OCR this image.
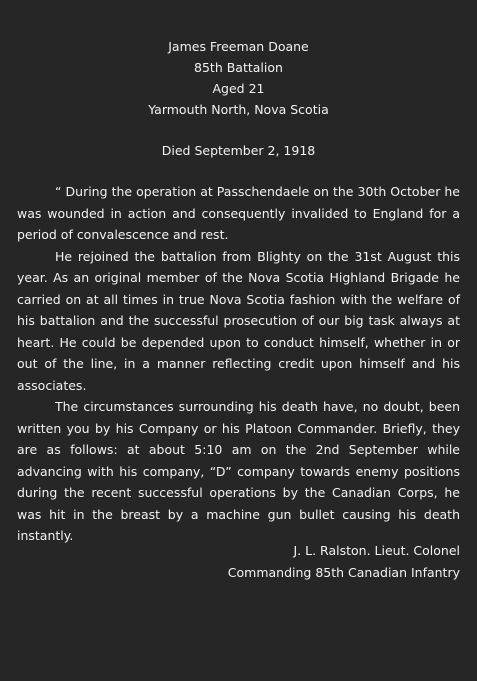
James Freeman Doane
85th Battalion
Aged 21
Yarmouth North, Nova Scotia
Died September 2, 1918

“ During the operation at Passchendaele on the 30th October he was wounded in action and consequently invalided to England for a period of convalescence and rest.

He rejoined the battalion from Blighty on the 31st August this year. As an original member of the Nova Scotia Highland Brigade he carried on at all times in true Nova Scotia fashion with the welfare of his battalion and the successful prosecution of our big task always at heart. He could be depended upon to conduct himself, whether in or out of the line, in a manner reflecting credit upon himself and his associates.

The circumstances surrounding his death have, no doubt, been written you by his Company or his Platoon Commander. Briefly, they are as follows: at about 5:10 am on the 2nd September while advancing with his company, “D” company towards enemy positions during the recent successful operations by the Canadian Corps, he was hit in the breast by a machine gun bullet causing his death instantly.

J. L. Ralston. Lieut. Colonel
Commanding 85th Canadian Infantry
